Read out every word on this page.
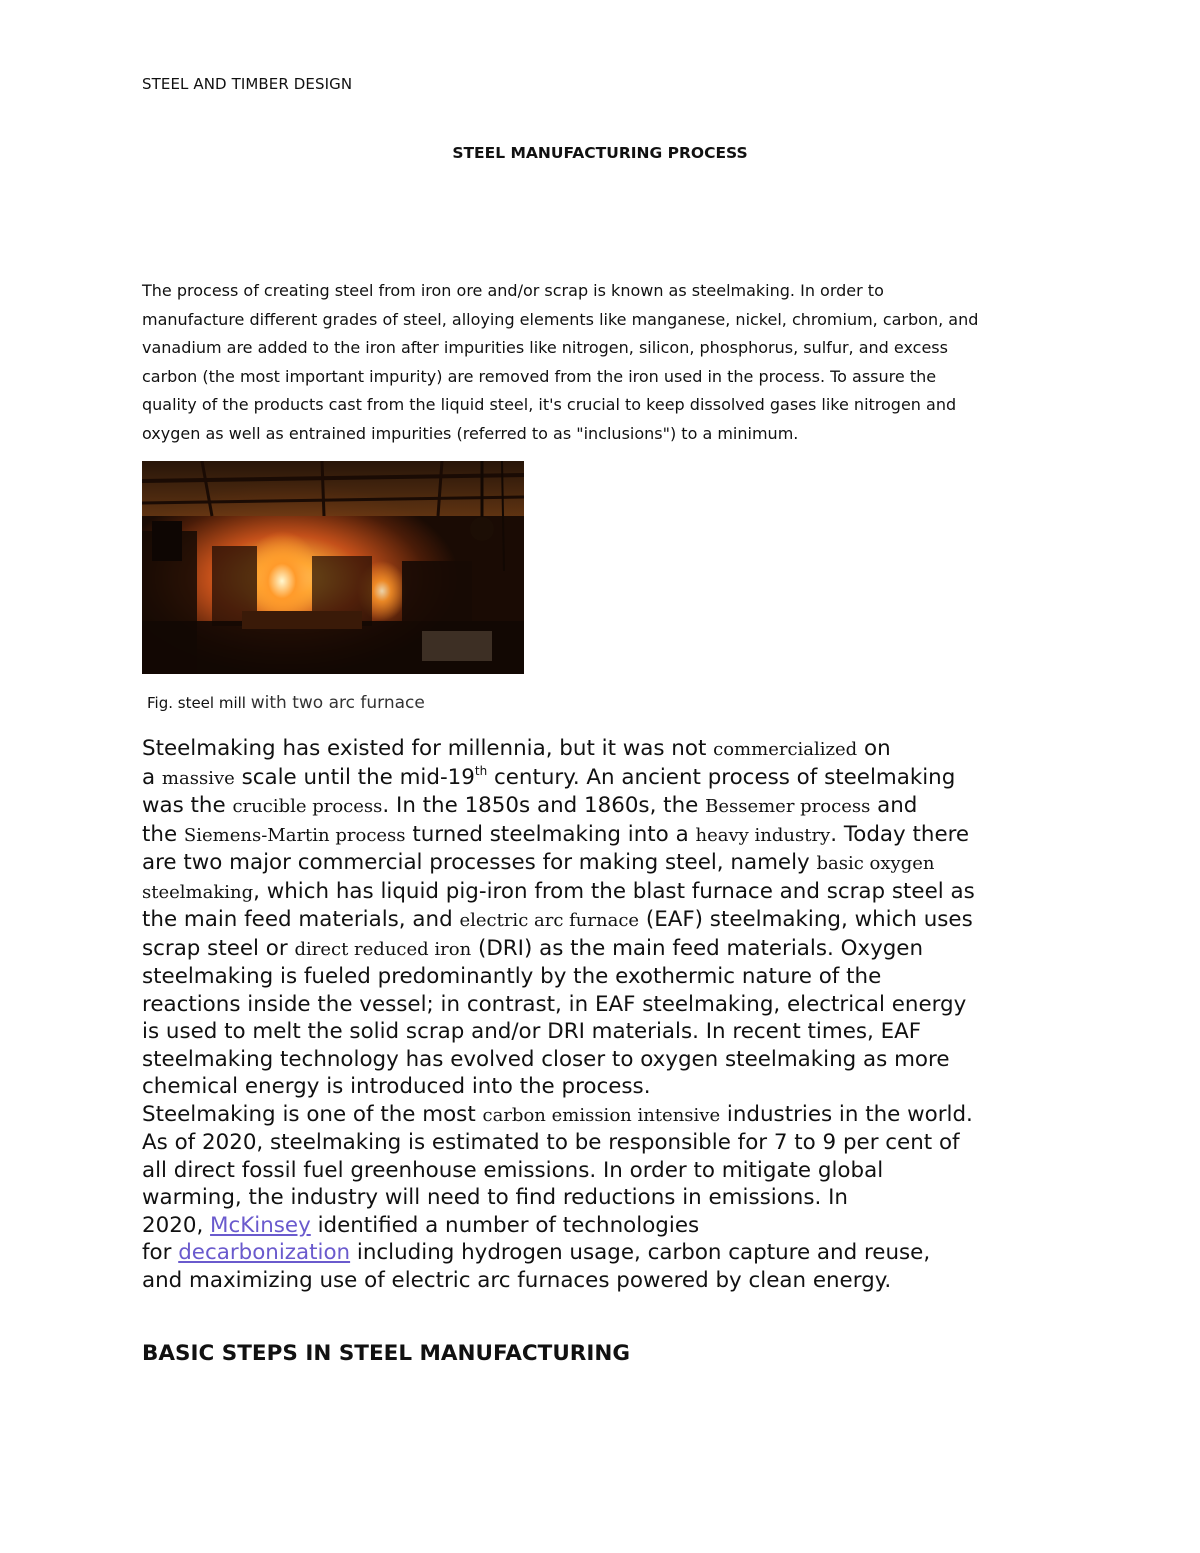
STEEL AND TIMBER DESIGN
STEEL MANUFACTURING PROCESS

The process of creating steel from iron ore and/or scrap is known as steelmaking. In order to
manufacture different grades of steel, alloying elements like manganese, nickel, chromium, carbon, and
vanadium are added to the iron after impurities like nitrogen, silicon, phosphorus, sulfur, and excess
carbon (the most important impurity) are removed from the iron used in the process. To assure the
quality of the products cast from the liquid steel, it's crucial to keep dissolved gases like nitrogen and
oxygen as well as entrained impurities (referred to as "inclusions") to a minimum.

Fig. steel mill with two arc furnace

Steelmaking has existed for millennia, but it was not commercialized on
a massive scale until the mid-19th century. An ancient process of steelmaking
was the crucible process. In the 1850s and 1860s, the Bessemer process and
the Siemens-Martin process turned steelmaking into a heavy industry. Today there
are two major commercial processes for making steel, namely basic oxygen
steelmaking, which has liquid pig-iron from the blast furnace and scrap steel as
the main feed materials, and electric arc furnace (EAF) steelmaking, which uses
scrap steel or direct reduced iron (DRI) as the main feed materials. Oxygen
steelmaking is fueled predominantly by the exothermic nature of the
reactions inside the vessel; in contrast, in EAF steelmaking, electrical energy
is used to melt the solid scrap and/or DRI materials. In recent times, EAF
steelmaking technology has evolved closer to oxygen steelmaking as more
chemical energy is introduced into the process.
Steelmaking is one of the most carbon emission intensive industries in the world.
As of 2020, steelmaking is estimated to be responsible for 7 to 9 per cent of
all direct fossil fuel greenhouse emissions. In order to mitigate global
warming, the industry will need to find reductions in emissions. In
2020, McKinsey identified a number of technologies
for decarbonization including hydrogen usage, carbon capture and reuse,
and maximizing use of electric arc furnaces powered by clean energy.

BASIC STEPS IN STEEL MANUFACTURING
